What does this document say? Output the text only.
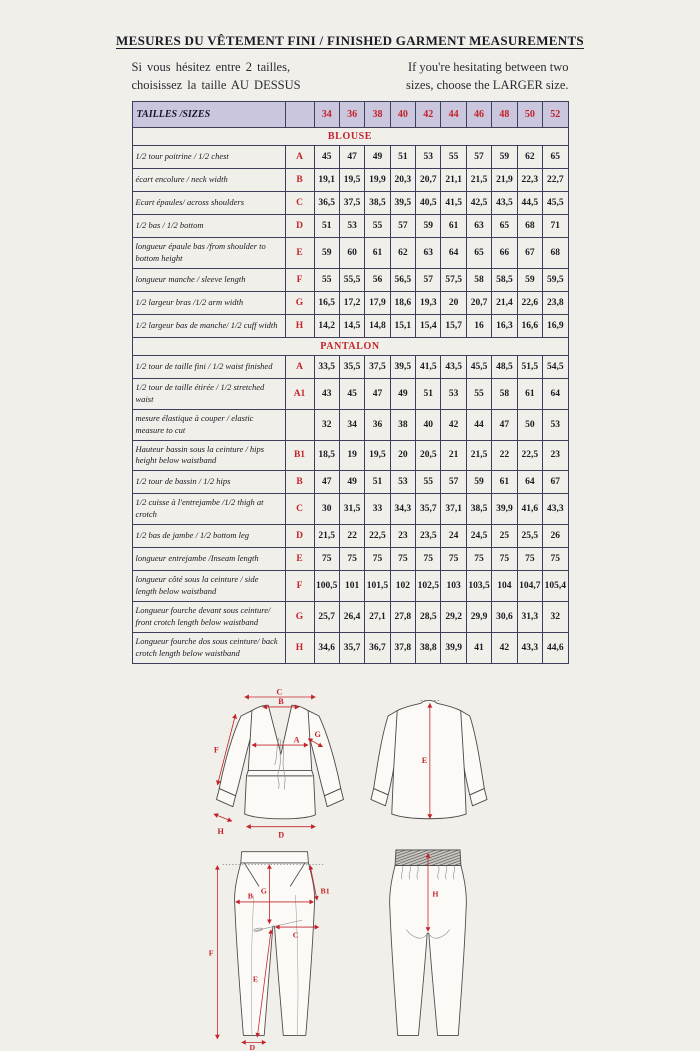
MESURES DU VÊTEMENT FINI / FINISHED GARMENT MEASUREMENTS
Si vous hésitez entre 2 tailles,
choisissez la taille AU DESSUS
If you're hesitating between two
sizes, choose the LARGER size.
TAILLES /SIZES		34	36	38	40	42	44	46	48	50	52
BLOUSE											
1/2 tour poitrine / 1/2 chest	A	45	47	49	51	53	55	57	59	62	65
écart encolure / neck width	B	19,1	19,5	19,9	20,3	20,7	21,1	21,5	21,9	22,3	22,7
Ecart épaules/ across shoulders	C	36,5	37,5	38,5	39,5	40,5	41,5	42,5	43,5	44,5	45,5
1/2 bas / 1/2 bottom	D	51	53	55	57	59	61	63	65	68	71
longueur épaule bas /from shoulder to bottom height	E	59	60	61	62	63	64	65	66	67	68
longueur manche / sleeve length	F	55	55,5	56	56,5	57	57,5	58	58,5	59	59,5
1/2 largeur bras /1/2 arm width	G	16,5	17,2	17,9	18,6	19,3	20	20,7	21,4	22,6	23,8
1/2 largeur bas de manche/ 1/2 cuff width	H	14,2	14,5	14,8	15,1	15,4	15,7	16	16,3	16,6	16,9
PANTALON											
1/2 tour de taille fini / 1/2 waist finished	A	33,5	35,5	37,5	39,5	41,5	43,5	45,5	48,5	51,5	54,5
1/2 tour de taille étirée / 1/2 stretched waist	A1	43	45	47	49	51	53	55	58	61	64
mesure élastique à couper / elastic measure to cut		32	34	36	38	40	42	44	47	50	53
Hauteur bassin sous la ceinture / hips height below waistband	B1	18,5	19	19,5	20	20,5	21	21,5	22	22,5	23
1/2 tour de bassin / 1/2 hips	B	47	49	51	53	55	57	59	61	64	67
1/2 cuisse à l'entrejambe /1/2 thigh at crotch	C	30	31,5	33	34,3	35,7	37,1	38,5	39,9	41,6	43,3
1/2 bas de jambe / 1/2 bottom leg	D	21,5	22	22,5	23	23,5	24	24,5	25	25,5	26
longueur entrejambe /Inseam length	E	75	75	75	75	75	75	75	75	75	75
longueur côté sous la ceinture / side length below waistband	F	100,5	101	101,5	102	102,5	103	103,5	104	104,7	105,4
Longueur fourche devant sous ceinture/ front crotch length below waistband	G	25,7	26,4	27,1	27,8	28,5	29,2	29,9	30,6	31,3	32
Longueur fourche dos sous ceinture/ back crotch length below waistband	H	34,6	35,7	36,7	37,8	38,8	39,9	41	42	43,3	44,6
C
B
A
G
F
H	D
E
F
G	B1
B
C
E
D
H
